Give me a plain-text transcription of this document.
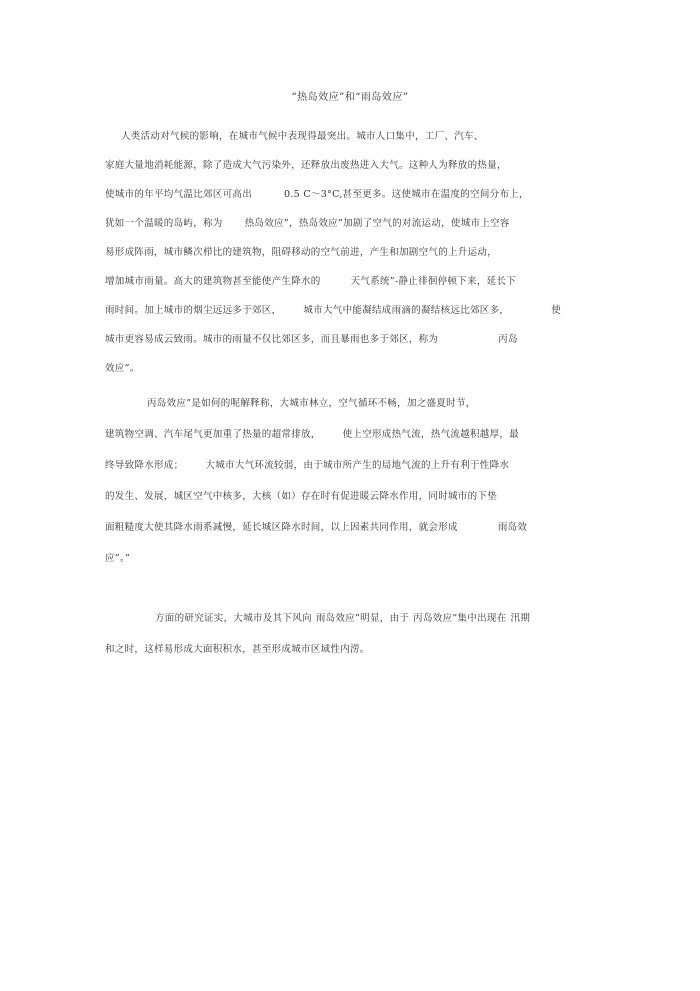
“热岛效应”和“雨岛效应”
人类活动对气候的影响，在城市气候中表现得最突出。城市人口集中，工厂、汽车、
家庭大量地消耗能源，除了造成大气污染外，还释放出废热进入大气。这种人为释放的热量，
使城市的年平均气温比郊区可高出	0.5 C～3°C,甚至更多。这使城市在温度的空间分布上，
犹如一个温暖的岛屿，称为 热岛效应”，热岛效应”加剧了空气的对流运动，使城市上空容
易形成阵雨，城市鳞次栉比的建筑物，阻碍移动的空气前进，产生和加剧空气的上升运动，
增加城市雨量。高大的建筑物甚至能使产生降水的	天气系统”-静止徘徊停顿下来，延长下
雨时间。加上城市的烟尘远远多于郊区， 城市大气中能凝结成雨滴的凝结核远比郊区多，	使
城市更容易成云致雨。城市的雨量不仅比郊区多，而且暴雨也多于郊区，称为	丙岛
效应”。
丙岛效应”是如何的呢解释称，大城市林立，空气循环不畅，加之盛夏时节，
建筑物空调、汽车尾气更加重了热量的超常排放， 使上空形成热气流，热气流越积越厚，最
终导致降水形成； 大城市大气环流较弱，由于城市所产生的局地气流的上升有利于性降水
的发生、发展，城区空气中核多，大核（如）存在时有促进暖云降水作用，同时城市的下垫
面粗糙度大使其降水雨系减慢，延长城区降水时间，以上因素共同作用，就会形成	雨岛效
应”。”
方面的研究证实，大城市及其下风向 雨岛效应”明显，由于 丙岛效应”集中出现在 汛期
和之时，这样易形成大面积积水，甚至形成城市区域性内涝。
